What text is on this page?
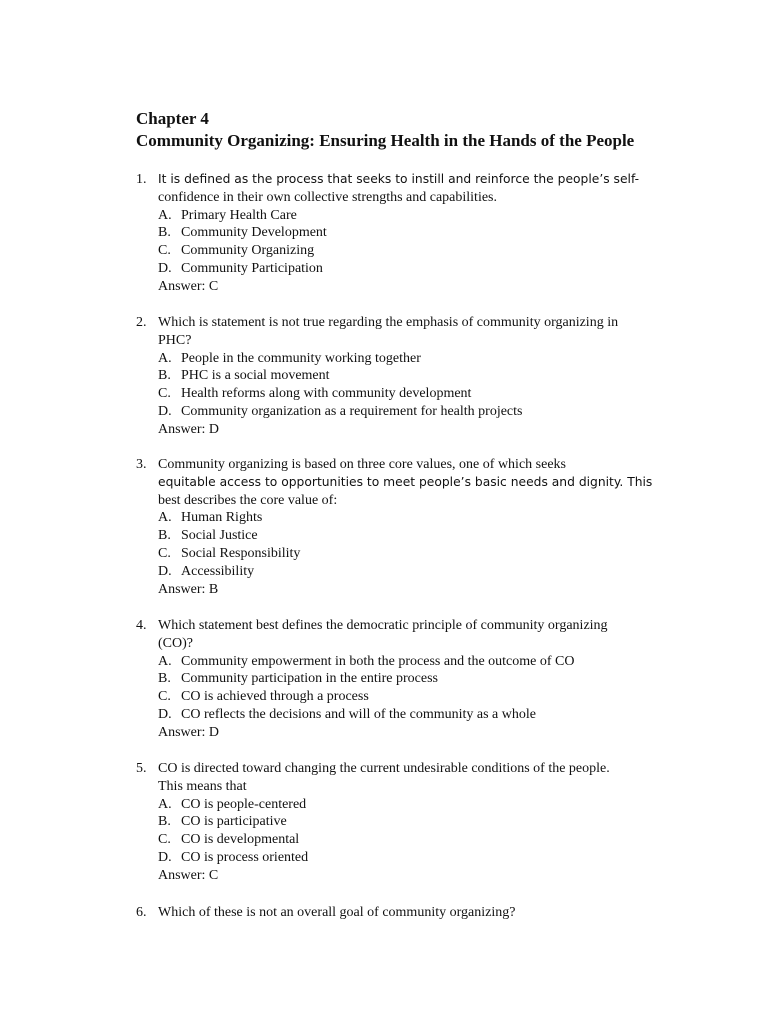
Chapter 4
Community Organizing: Ensuring Health in the Hands of the People
1. It is defined as the process that seeks to instill and reinforce the people’s self-
confidence in their own collective strengths and capabilities.
A. Primary Health Care
B. Community Development
C. Community Organizing
D. Community Participation
Answer: C
2. Which is statement is not true regarding the emphasis of community organizing in
PHC?
A. People in the community working together
B. PHC is a social movement
C. Health reforms along with community development
D. Community organization as a requirement for health projects
Answer: D
3. Community organizing is based on three core values, one of which seeks
equitable access to opportunities to meet people’s basic needs and dignity. This
best describes the core value of:
A. Human Rights
B. Social Justice
C. Social Responsibility
D. Accessibility
Answer: B
4. Which statement best defines the democratic principle of community organizing
(CO)?
A. Community empowerment in both the process and the outcome of CO
B. Community participation in the entire process
C. CO is achieved through a process
D. CO reflects the decisions and will of the community as a whole
Answer: D
5. CO is directed toward changing the current undesirable conditions of the people.
This means that
A. CO is people-centered
B. CO is participative
C. CO is developmental
D. CO is process oriented
Answer: C
6. Which of these is not an overall goal of community organizing?
